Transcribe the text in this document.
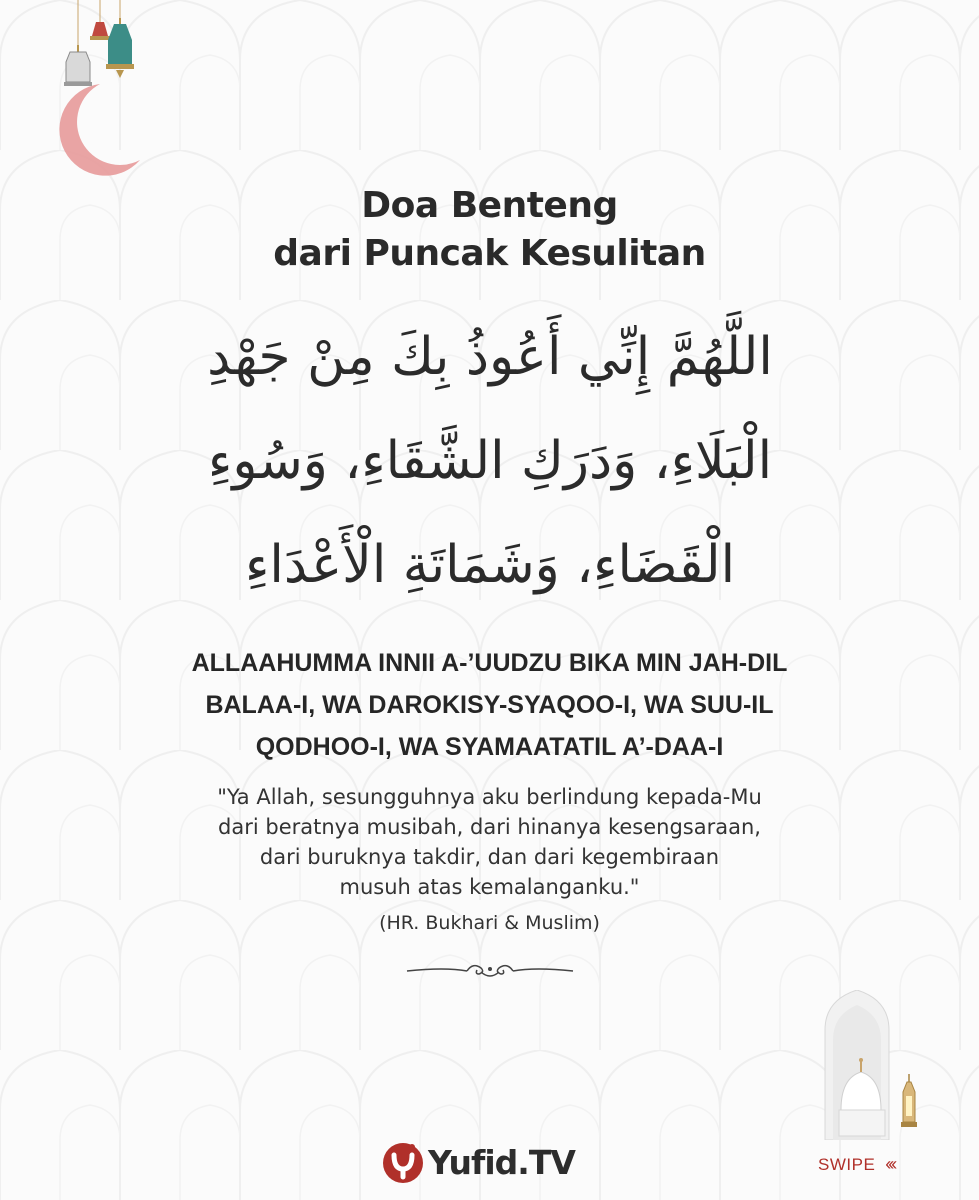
Doa Benteng
dari Puncak Kesulitan
اللَّهُمَّ إِنِّي أَعُوذُ بِكَ مِنْ جَهْدِ
الْبَلَاءِ، وَدَرَكِ الشَّقَاءِ، وَسُوءِ
الْقَضَاءِ، وَشَمَاتَةِ الْأَعْدَاءِ
ALLAAHUMMA INNII A-’UUDZU BIKA MIN JAH-DIL
BALAA-I, WA DAROKISY-SYAQOO-I, WA SUU-IL
QODHOO-I, WA SYAMAATATIL A’-DAA-I
"Ya Allah, sesungguhnya aku berlindung kepada-Mu
dari beratnya musibah, dari hinanya kesengsaraan,
dari buruknya takdir, dan dari kegembiraan
musuh atas kemalanganku."
(HR. Bukhari & Muslim)
Yufid.TV	SWIPE ‹‹‹
